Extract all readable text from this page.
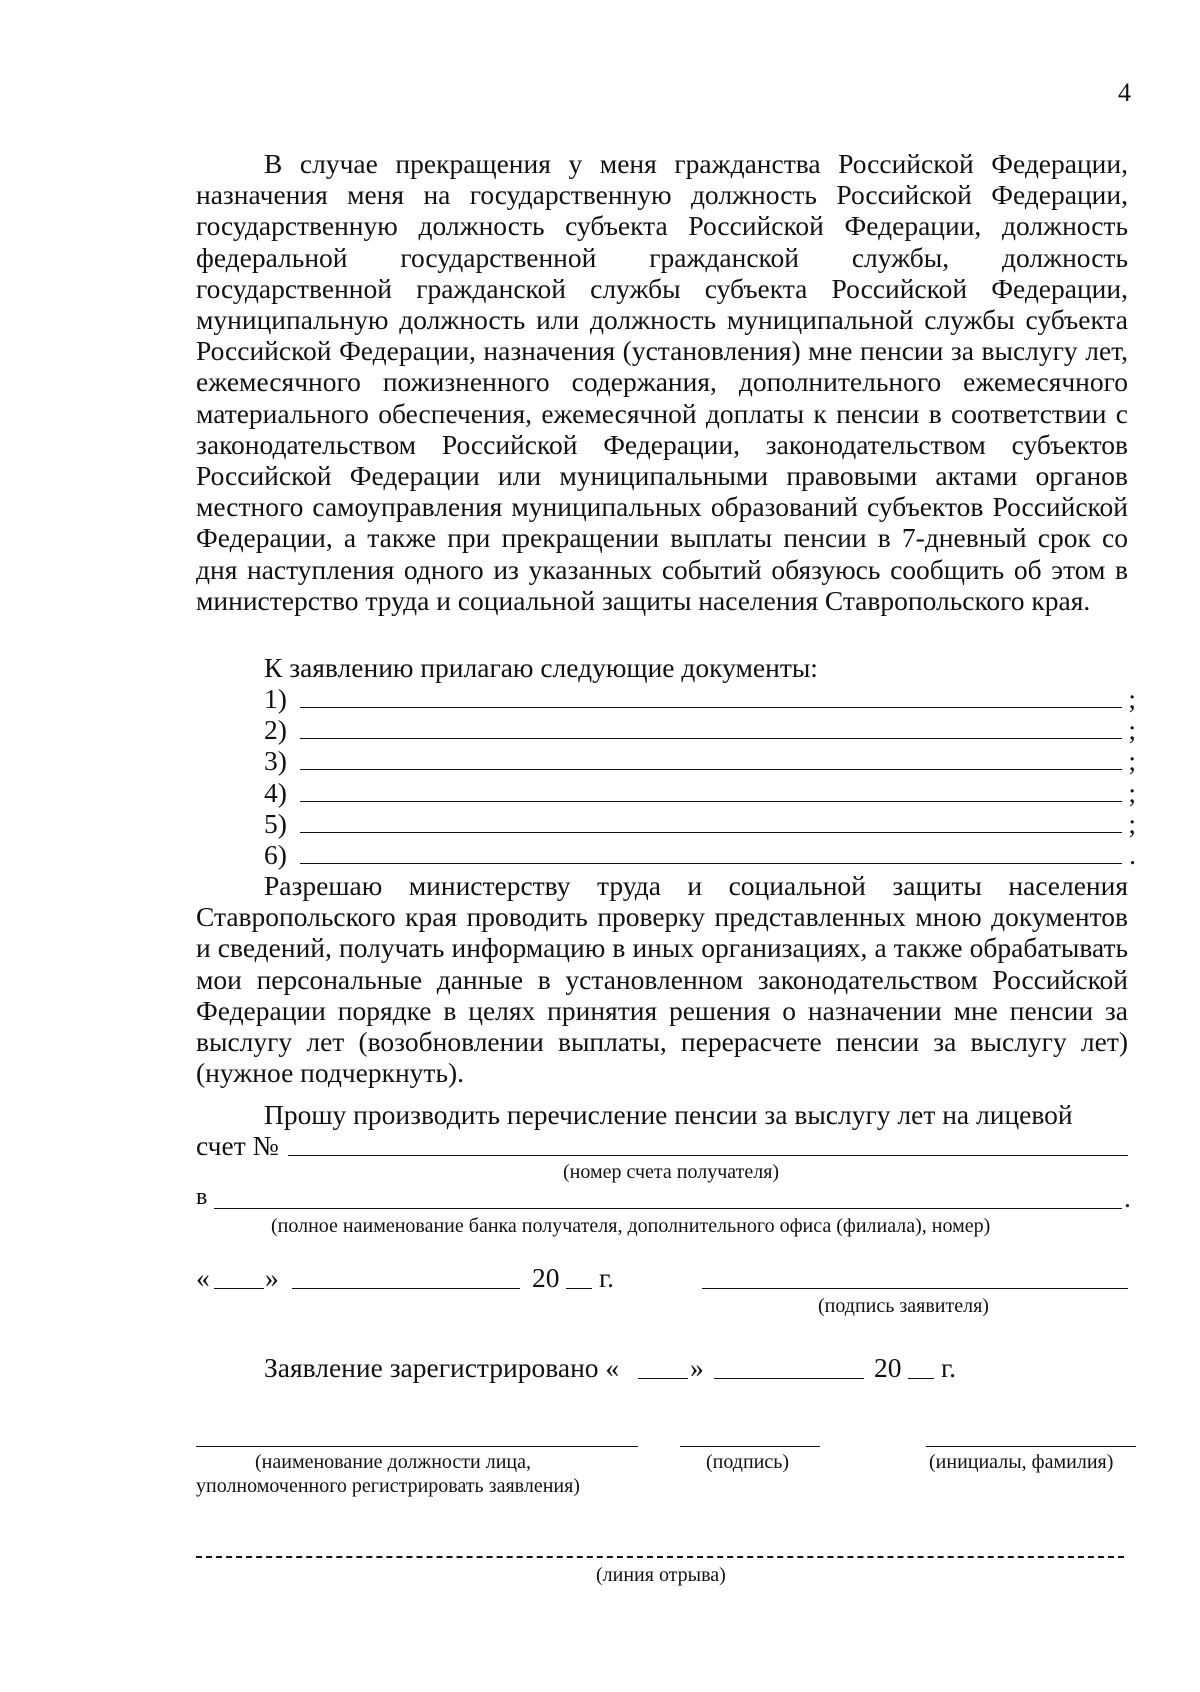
4

В случае прекращения у меня гражданства Российской Федерации, назначения меня на государственную должность Российской Федерации, государственную должность субъекта Российской Федерации, должность федеральной государственной гражданской службы, должность государственной гражданской службы субъекта Российской Федерации, муниципальную должность или должность муниципальной службы субъекта Российской Федерации, назначения (установления) мне пенсии за выслугу лет, ежемесячного пожизненного содержания, дополнительного ежемесячного материального обеспечения, ежемесячной доплаты к пенсии в соответствии с законодательством Российской Федерации, законодательством субъектов Российской Федерации или муниципальными правовыми актами органов местного самоуправления муниципальных образований субъектов Российской Федерации, а также при прекращении выплаты пенсии в 7-дневный срок со дня наступления одного из указанных событий обязуюсь сообщить об этом в министерство труда и социальной защиты населения Ставропольского края.

К заявлению прилагаю следующие документы:
1)	;
2)	;
3)	;
4)	;
5)	;
6)	.

Разрешаю министерству труда и социальной защиты населения Ставропольского края проводить проверку представленных мною документов и сведений, получать информацию в иных организациях, а также обрабатывать мои персональные данные в установленном законодательством Российской Федерации порядке в целях принятия решения о назначении мне пенсии за выслугу лет (возобновлении выплаты, перерасчете пенсии за выслугу лет) (нужное подчеркнуть).

Прошу производить перечисление пенсии за выслугу лет на лицевой

счет №
(номер счета получателя)
в	.
(полное наименование банка получателя, дополнительного офиса (филиала), номер)
« »	20 г.
(подпись заявителя)
Заявление зарегистрировано «	»	20 г.
(наименование должности лица,
уполномоченного регистрировать заявления)
(подпись)	(инициалы, фамилия)
(линия отрыва)
